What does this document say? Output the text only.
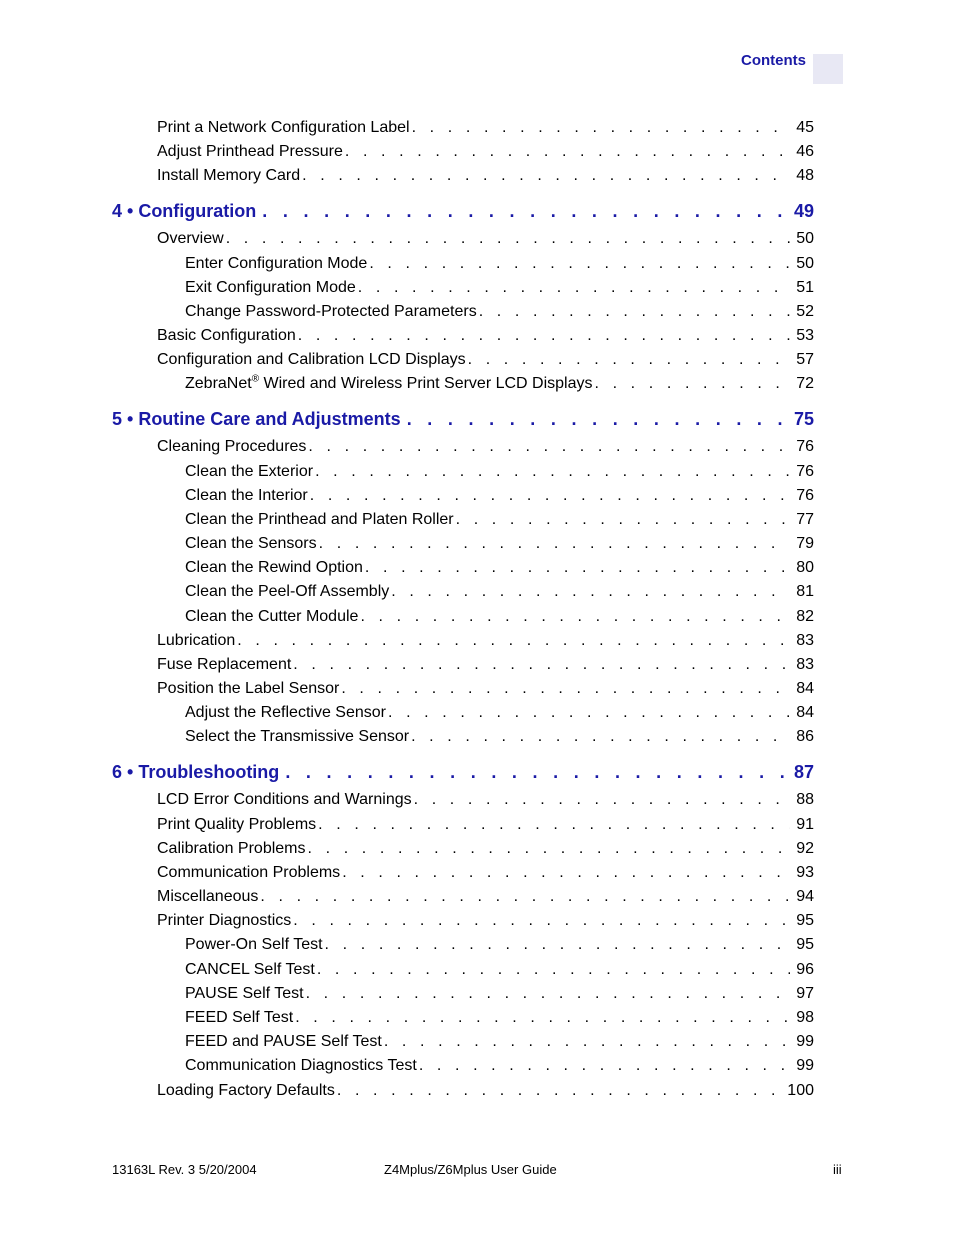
Contents
Print a Network Configuration Label . . .	45
Adjust Printhead Pressure . . .	46
Install Memory Card . . .	48
4 • Configuration . . .	49
Overview . . .	50
Enter Configuration Mode . . .	50
Exit Configuration Mode . . .	51
Change Password-Protected Parameters . . .	52
Basic Configuration . . .	53
Configuration and Calibration LCD Displays . . .	57
ZebraNet® Wired and Wireless Print Server LCD Displays . . .	72
5 • Routine Care and Adjustments . . .	75
Cleaning Procedures . . .	76
Clean the Exterior . . .	76
Clean the Interior . . .	76
Clean the Printhead and Platen Roller . . .	77
Clean the Sensors . . .	79
Clean the Rewind Option . . .	80
Clean the Peel-Off Assembly . . .	81
Clean the Cutter Module . . .	82
Lubrication . . .	83
Fuse Replacement . . .	83
Position the Label Sensor . . .	84
Adjust the Reflective Sensor . . .	84
Select the Transmissive Sensor . . .	86
6 • Troubleshooting . . .	87
LCD Error Conditions and Warnings . . .	88
Print Quality Problems . . .	91
Calibration Problems . . .	92
Communication Problems . . .	93
Miscellaneous . . .	94
Printer Diagnostics . . .	95
Power-On Self Test . . .	95
CANCEL Self Test . . .	96
PAUSE Self Test . . .	97
FEED Self Test . . .	98
FEED and PAUSE Self Test . . .	99
Communication Diagnostics Test . . .	99
Loading Factory Defaults . . .	100
13163L Rev. 3 5/20/2004	Z4Mplus/Z6Mplus User Guide	iii
